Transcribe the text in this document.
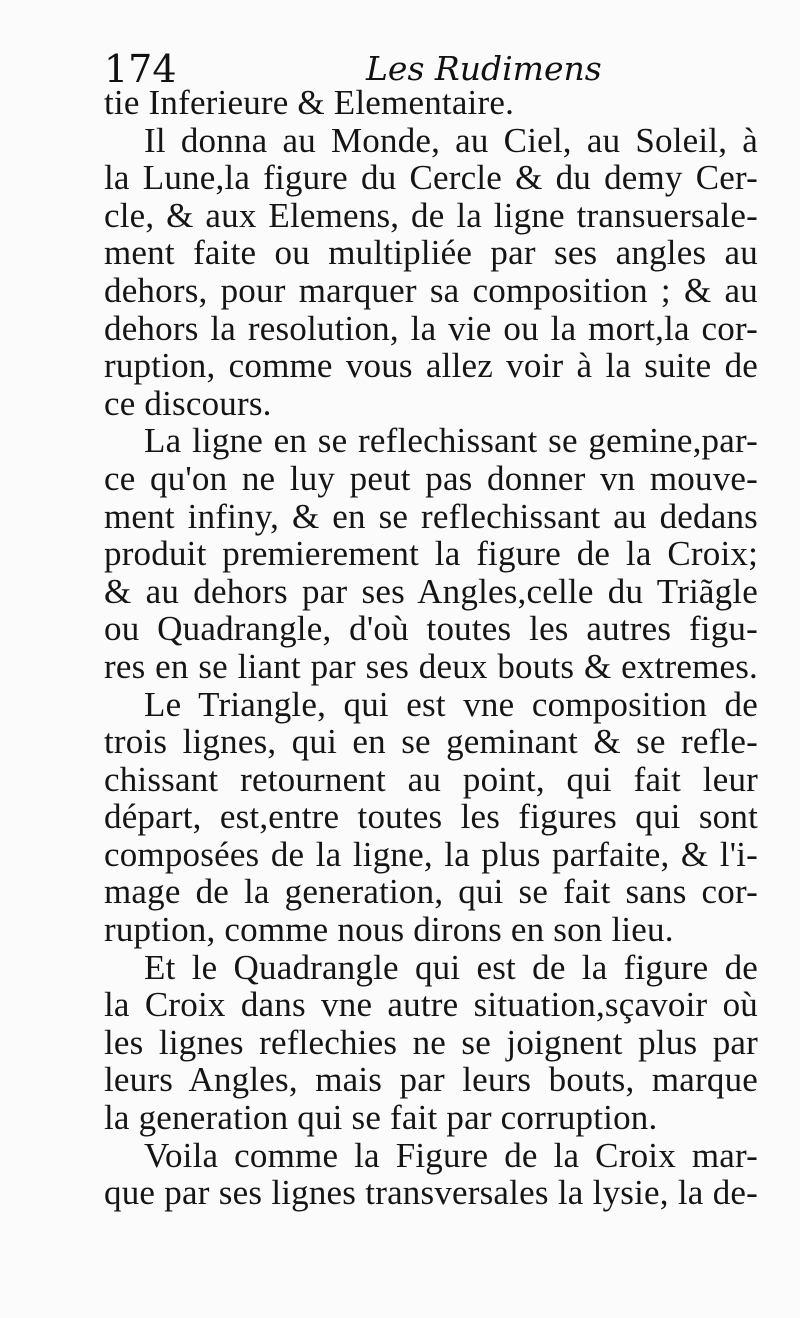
174	Les Rudimens
tie Inferieure & Elementaire.
Il donna au Monde, au Ciel, au Soleil, à
la Lune,la figure du Cercle & du demy Cer-
cle, & aux Elemens, de la ligne transuersale-
ment faite ou multipliée par ses angles au
dehors, pour marquer sa composition ; & au
dehors la resolution, la vie ou la mort,la cor-
ruption, comme vous allez voir à la suite de
ce discours.
La ligne en se reflechissant se gemine,par-
ce qu'on ne luy peut pas donner vn mouve-
ment infiny, & en se reflechissant au dedans
produit premierement la figure de la Croix;
& au dehors par ses Angles,celle du Triãgle
ou Quadrangle, d'où toutes les autres figu-
res en se liant par ses deux bouts & extremes.
Le Triangle, qui est vne composition de
trois lignes, qui en se geminant & se refle-
chissant retournent au point, qui fait leur
départ, est,entre toutes les figures qui sont
composées de la ligne, la plus parfaite, & l'i-
mage de la generation, qui se fait sans cor-
ruption, comme nous dirons en son lieu.
Et le Quadrangle qui est de la figure de
la Croix dans vne autre situation,sçavoir où
les lignes reflechies ne se joignent plus par
leurs Angles, mais par leurs bouts, marque
la generation qui se fait par corruption.
Voila comme la Figure de la Croix mar-
que par ses lignes transversales la lysie, la de-
